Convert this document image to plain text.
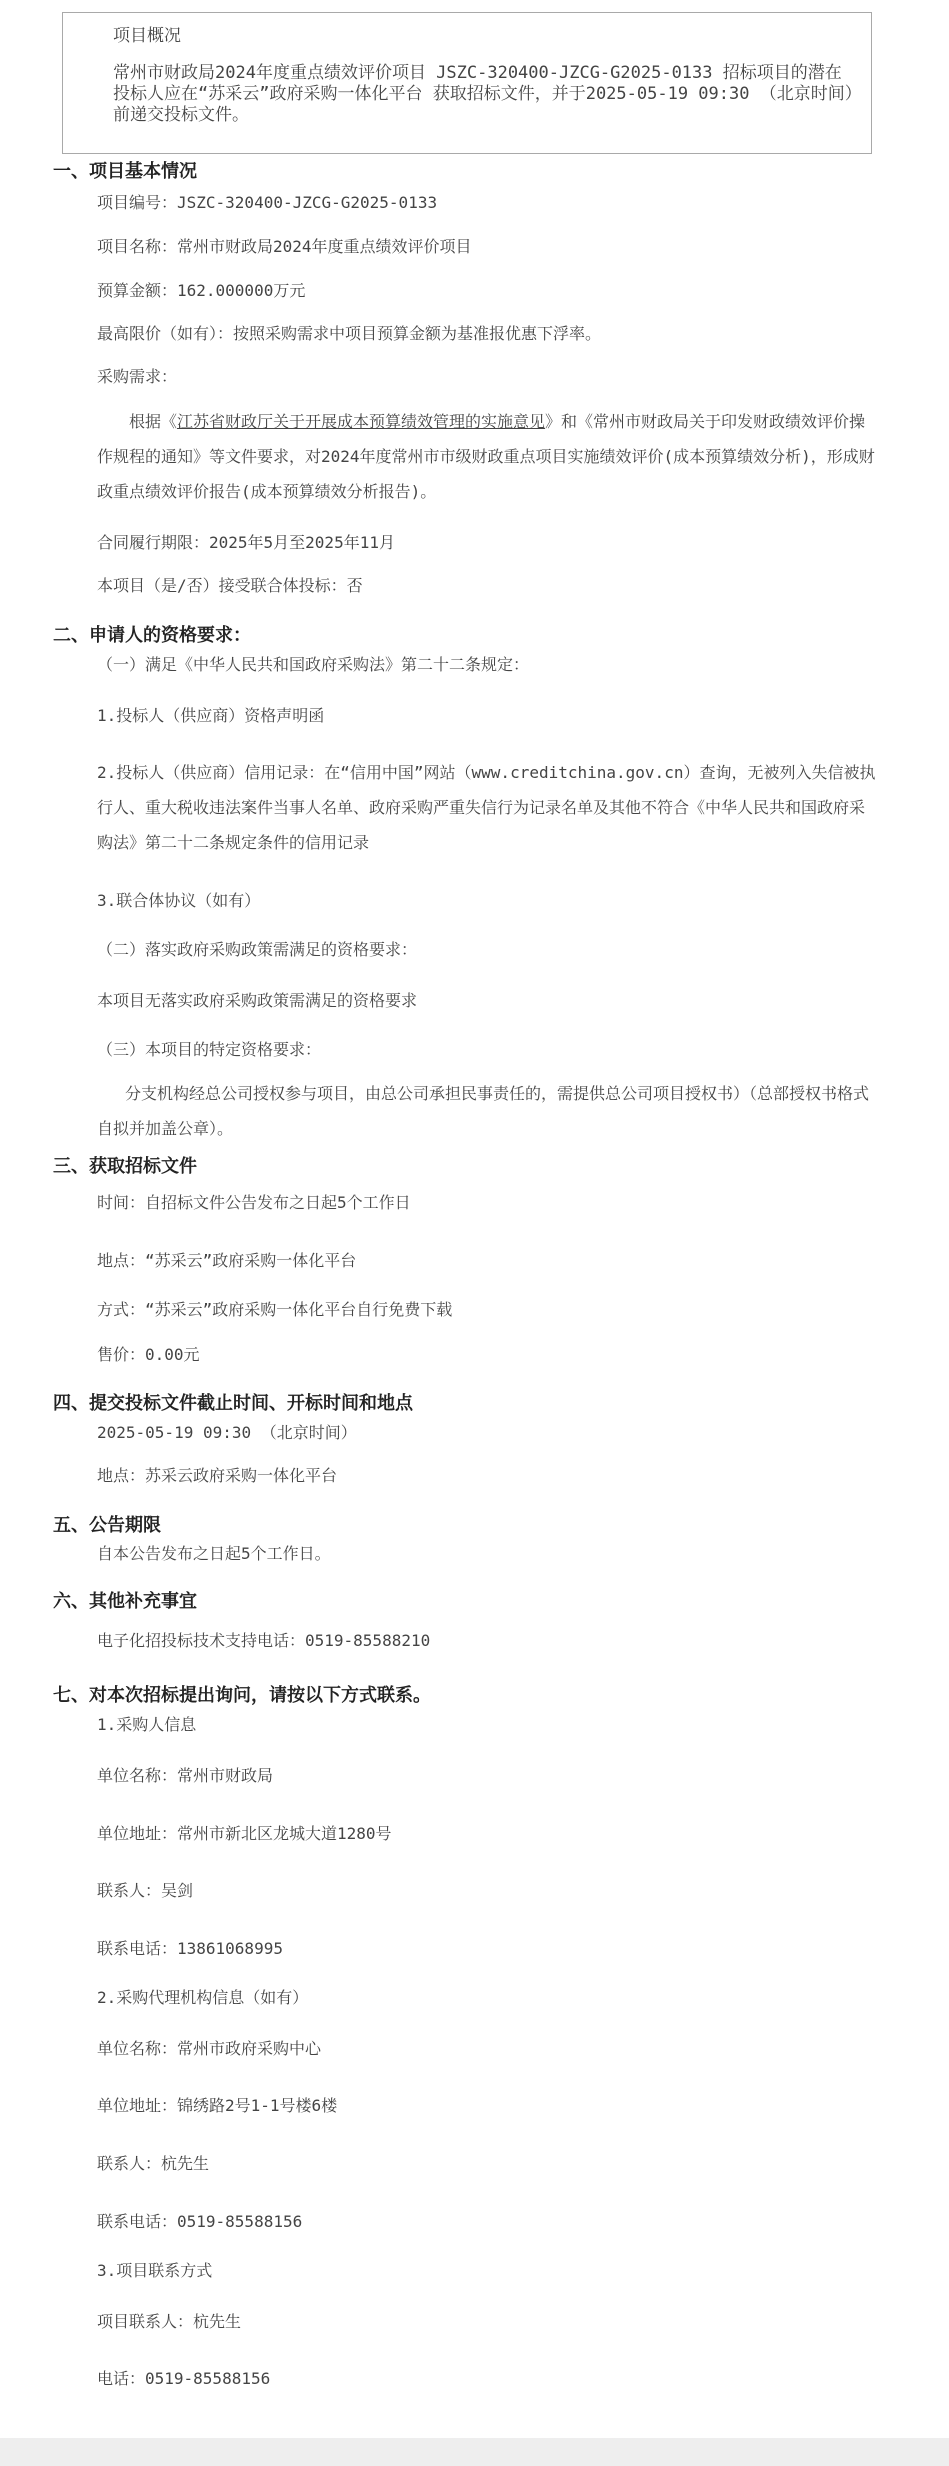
项目概况
常州市财政局2024年度重点绩效评价项目 JSZC-320400-JZCG-G2025-0133 招标项目的潜在投标人应在“苏采云”政府采购一体化平台 获取招标文件，并于2025-05-19 09:30 （北京时间）前递交投标文件。
一、项目基本情况
项目编号：JSZC-320400-JZCG-G2025-0133
项目名称：常州市财政局2024年度重点绩效评价项目
预算金额：162.000000万元
最高限价（如有）：按照采购需求中项目预算金额为基准报优惠下浮率。
采购需求：
根据《江苏省财政厅关于开展成本预算绩效管理的实施意见》和《常州市财政局关于印发财政绩效评价操作规程的通知》等文件要求，对2024年度常州市市级财政重点项目实施绩效评价(成本预算绩效分析)，形成财政重点绩效评价报告(成本预算绩效分析报告)。
合同履行期限：2025年5月至2025年11月
本项目（是/否）接受联合体投标：否
二、申请人的资格要求：
（一）满足《中华人民共和国政府采购法》第二十二条规定：
1.投标人（供应商）资格声明函
2.投标人（供应商）信用记录：在“信用中国”网站（www.creditchina.gov.cn）查询，无被列入失信被执行人、重大税收违法案件当事人名单、政府采购严重失信行为记录名单及其他不符合《中华人民共和国政府采购法》第二十二条规定条件的信用记录
3.联合体协议（如有）
（二）落实政府采购政策需满足的资格要求：
本项目无落实政府采购政策需满足的资格要求
（三）本项目的特定资格要求：
分支机构经总公司授权参与项目，由总公司承担民事责任的，需提供总公司项目授权书）（总部授权书格式自拟并加盖公章）。
三、获取招标文件
时间：自招标文件公告发布之日起5个工作日
地点：“苏采云”政府采购一体化平台
方式：“苏采云”政府采购一体化平台自行免费下载
售价：0.00元
四、提交投标文件截止时间、开标时间和地点
2025-05-19 09:30 （北京时间）
地点：苏采云政府采购一体化平台
五、公告期限
自本公告发布之日起5个工作日。
六、其他补充事宜
电子化招投标技术支持电话：0519-85588210
七、对本次招标提出询问，请按以下方式联系。
1.采购人信息
单位名称：常州市财政局
单位地址：常州市新北区龙城大道1280号
联系人：吴剑
联系电话：13861068995
2.采购代理机构信息（如有）
单位名称：常州市政府采购中心
单位地址：锦绣路2号1-1号楼6楼
联系人：杭先生
联系电话：0519-85588156
3.项目联系方式
项目联系人：杭先生
电话：0519-85588156
